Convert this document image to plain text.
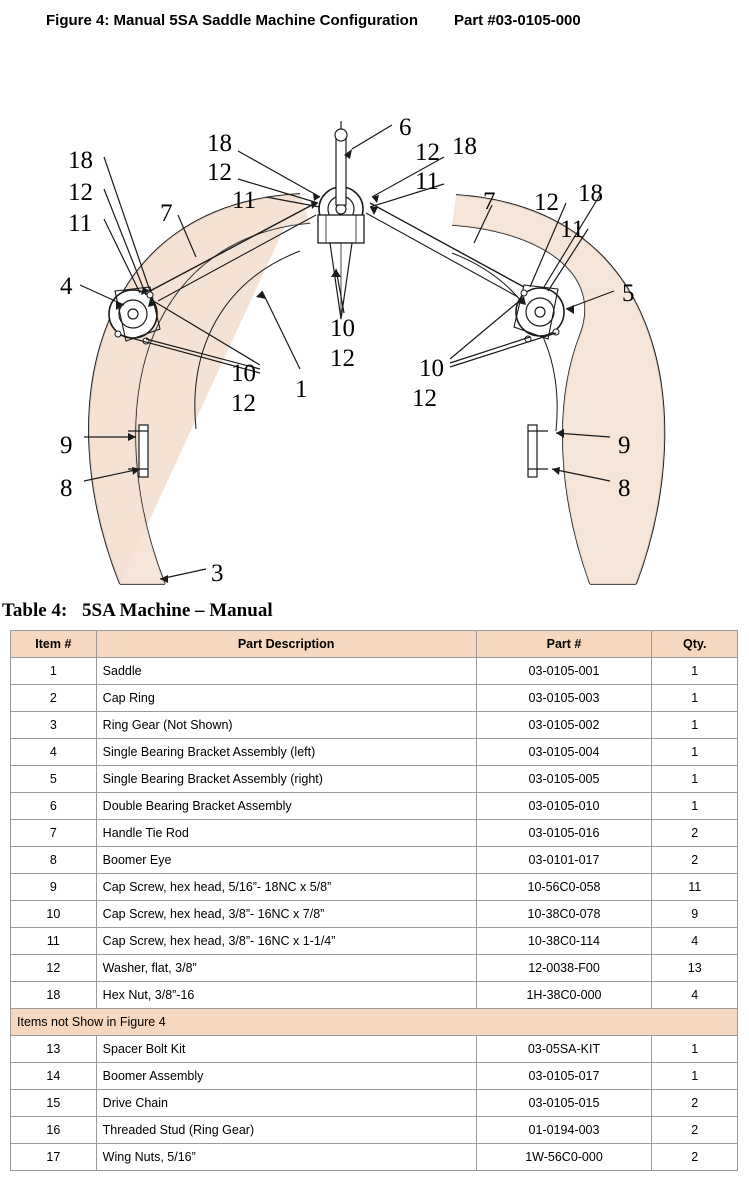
Figure 4: Manual 5SA Saddle Machine Configuration Part #03-0105-000
6
18
12
12 18
11
18
12
11
11
7	7 12 18
11
4	5
10
12
10
12
10
12
1
9
8
9
8
3
Table 4: 5SA Machine – Manual
Item #	Part Description	Part #	Qty.
1	Saddle	03-0105-001	1
2	Cap Ring	03-0105-003	1
3	Ring Gear (Not Shown)	03-0105-002	1
4	Single Bearing Bracket Assembly (left)	03-0105-004	1
5	Single Bearing Bracket Assembly (right)	03-0105-005	1
6	Double Bearing Bracket Assembly	03-0105-010	1
7	Handle Tie Rod	03-0105-016	2
8	Boomer Eye	03-0101-017	2
9	Cap Screw, hex head, 5/16”- 18NC x 5/8”	10-56C0-058	11
10	Cap Screw, hex head, 3/8”- 16NC x 7/8”	10-38C0-078	9
11	Cap Screw, hex head, 3/8”- 16NC x 1-1/4”	10-38C0-114	4
12	Washer, flat, 3/8”	12-0038-F00	13
18	Hex Nut, 3/8”-16	1H-38C0-000	4
Items not Show in Figure 4			
13	Spacer Bolt Kit	03-05SA-KIT	1
14	Boomer Assembly	03-0105-017	1
15	Drive Chain	03-0105-015	2
16	Threaded Stud (Ring Gear)	01-0194-003	2
17	Wing Nuts, 5/16”	1W-56C0-000	2
